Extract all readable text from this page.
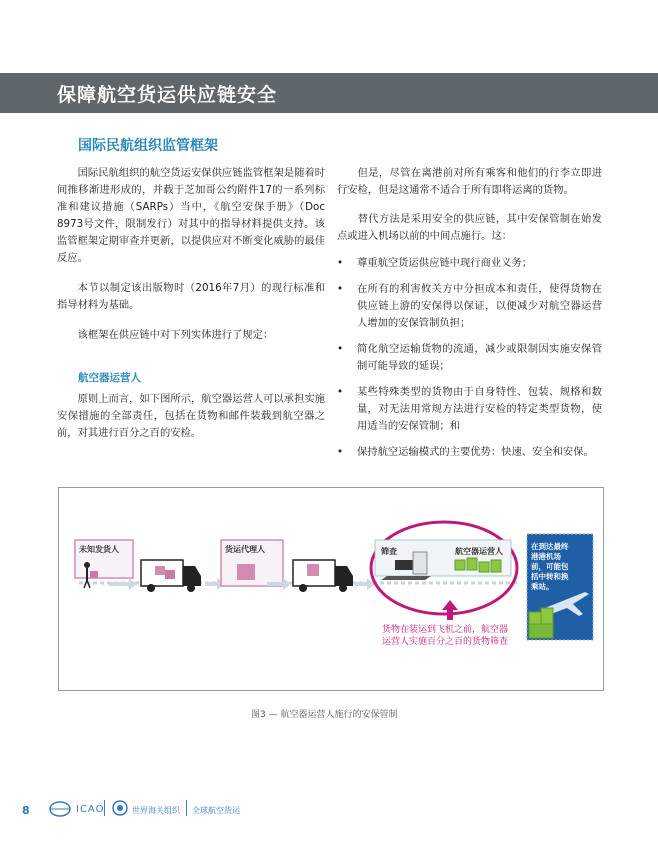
保障航空货运供应链安全
国际民航组织监管框架

国际民航组织的航空货运安保供应链监管框架是随着时间推移渐进形成的，并载于芝加哥公约附件17的一系列标准和建议措施（SARPs）当中，《航空安保手册》（Doc 8973号文件，限制发行）对其中的指导材料提供支持。该监管框架定期审查并更新，以提供应对不断变化威胁的最佳反应。

本节以制定该出版物时（2016年7月）的现行标准和指导材料为基础。

该框架在供应链中对下列实体进行了规定：

航空器运营人

原则上而言，如下图所示，航空器运营人可以承担实施安保措施的全部责任，包括在货物和邮件装载到航空器之前，对其进行百分之百的安检。

但是，尽管在离港前对所有乘客和他们的行李立即进行安检，但是这通常不适合于所有即将运离的货物。

替代方法是采用安全的供应链，其中安保管制在始发点或进入机场以前的中间点施行。这：

• 尊重航空货运供应链中现行商业义务；
• 在所有的利害攸关方中分担成本和责任，使得货物在供应链上游的安保得以保证，以便减少对航空器运营人增加的安保管制负担；
• 简化航空运输货物的流通，减少或限制因实施安保管制可能导致的延误；
• 某些特殊类型的货物由于自身特性、包装、规格和数量，对无法用常规方法进行安检的特定类型货物，使用适当的安保管制；和
• 保持航空运输模式的主要优势：快速、安全和安保。
未知发货人	货运代理人	筛查	航空器运营人
在到达最终港港机场前，可能包括中转和换乘站。
货物在装运到飞机之前，航空器运营人实施百分之百的货物筛查
图3 — 航空器运营人施行的安保管制
8	ICAO	世界海关组织 全球航空货运
